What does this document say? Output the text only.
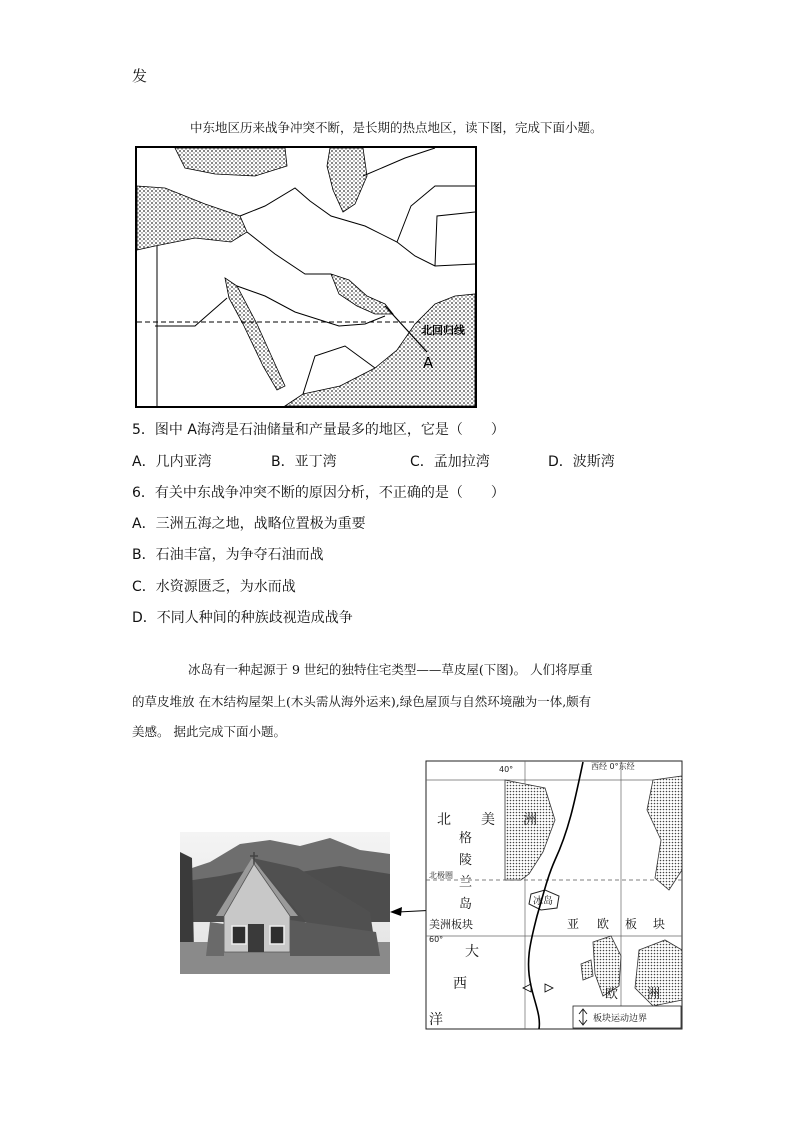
发
中东地区历来战争冲突不断，是长期的热点地区，读下图，完成下面小题。
北回归线
A
5．图中 A海湾是石油储量和产量最多的地区，它是（　　）
A．几内亚湾	B．亚丁湾	C．孟加拉湾	D．波斯湾
6．有关中东战争冲突不断的原因分析，不正确的是（　　）
A．三洲五海之地，战略位置极为重要
B．石油丰富，为争夺石油而战
C．水资源匮乏，为水而战
D．不同人种间的种族歧视造成战争
冰岛有一种起源于 9 世纪的独特住宅类型——草皮屋(下图)。 人们将厚重
的草皮堆放 在木结构屋架上(木头需从海外运来),绿色屋顶与自然环境融为一体,颇有
美感。 据此完成下面小题。
西经 0°东经
40°
北极圈
60°
北 美 洲
格
陵
兰
岛	冰岛
美洲板块	亚 欧 板 块
大
西
洋
欧 洲
板块运动边界
